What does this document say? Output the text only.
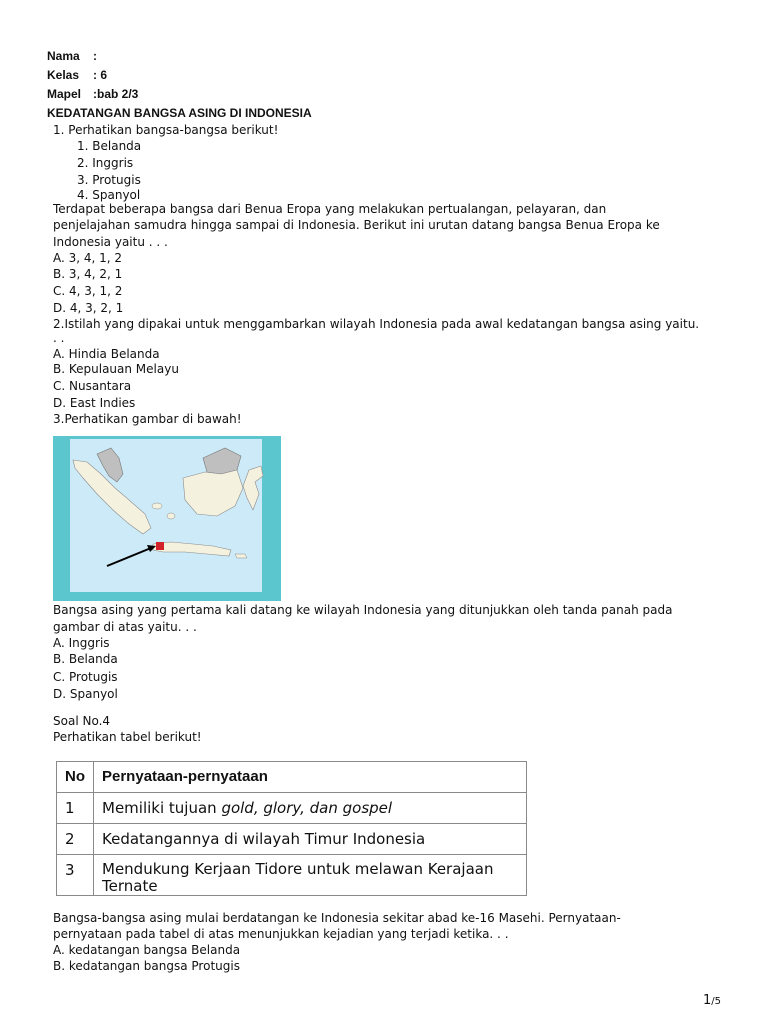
Nama :
Kelas : 6
Mapel :bab 2/3
KEDATANGAN BANGSA ASING DI INDONESIA
1. Perhatikan bangsa-bangsa berikut!
1. Belanda
2. Inggris
3. Protugis
4. Spanyol
Terdapat beberapa bangsa dari Benua Eropa yang melakukan pertualangan, pelayaran, dan
penjelajahan samudra hingga sampai di Indonesia. Berikut ini urutan datang bangsa Benua Eropa ke
Indonesia yaitu . . .
A. 3, 4, 1, 2
B. 3, 4, 2, 1
C. 4, 3, 1, 2
D. 4, 3, 2, 1
2.Istilah yang dipakai untuk menggambarkan wilayah Indonesia pada awal kedatangan bangsa asing yaitu.
. .
A. Hindia Belanda
B. Kepulauan Melayu
C. Nusantara
D. East Indies
3.Perhatikan gambar di bawah!
Bangsa asing yang pertama kali datang ke wilayah Indonesia yang ditunjukkan oleh tanda panah pada
gambar di atas yaitu. . .
A. Inggris
B. Belanda
C. Protugis
D. Spanyol
Soal No.4
Perhatikan tabel berikut!
No	Pernyataan-pernyataan
1	Memiliki tujuan gold, glory, dan gospel
2	Kedatangannya di wilayah Timur Indonesia
3	Mendukung Kerjaan Tidore untuk melawan Kerajaan
Ternate
Bangsa-bangsa asing mulai berdatangan ke Indonesia sekitar abad ke-16 Masehi. Pernyataan-
pernyataan pada tabel di atas menunjukkan kejadian yang terjadi ketika. . .
A. kedatangan bangsa Belanda
B. kedatangan bangsa Protugis
1/5
